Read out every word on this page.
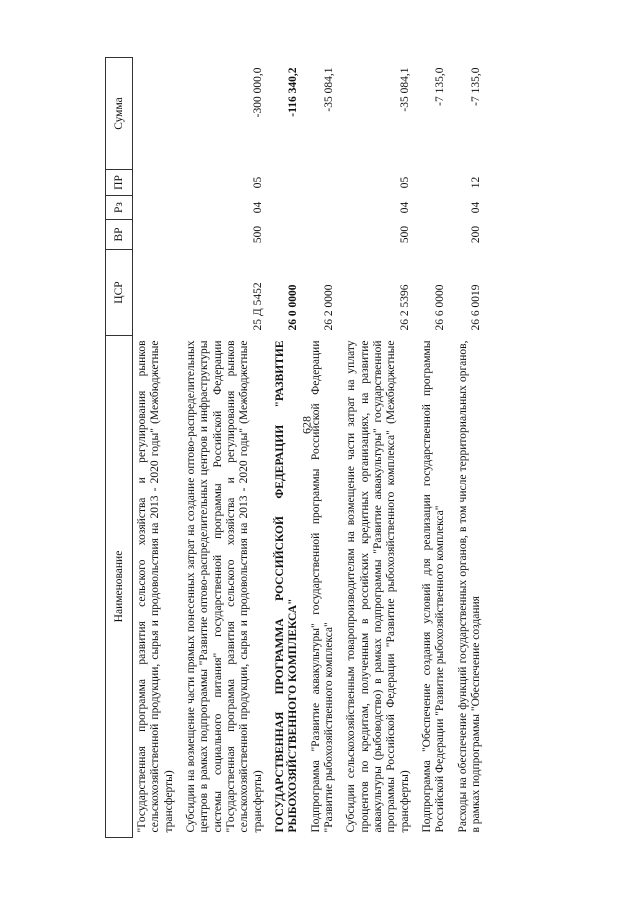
628
Наименование	ЦСР	ВР	Рз	ПР	Сумма
"Государственная программа развития сельского хозяйства и регулирования рынков сельскохозяйственной продукции, сырья и продовольствия на 2013 - 2020 годы" (Межбюджетные трансферты)					
Субсидии на возмещение части прямых понесенных затрат на создание оптово-распределительных центров в рамках подпрограммы "Развитие оптово-распределительных центров и инфраструктуры системы социального питания" государственной программы Российской Федерации "Государственная программа развития сельского хозяйства и регулирования рынков сельскохозяйственной продукции, сырья и продовольствия на 2013 - 2020 годы" (Межбюджетные трансферты)	25 Д 5452	500	04	05	-300 000,0
ГОСУДАРСТВЕННАЯ ПРОГРАММА РОССИЙСКОЙ ФЕДЕРАЦИИ "РАЗВИТИЕ РЫБОХОЗЯЙСТВЕННОГО КОМПЛЕКСА"	26 0 0000				-116 340,2
Подпрограмма "Развитие аквакультуры" государственной программы Российской Федерации "Развитие рыбохозяйственного комплекса"	26 2 0000				-35 084,1
Субсидии сельскохозяйственным товаропроизводителям на возмещение части затрат на уплату процентов по кредитам, полученным в российских кредитных организациях, на развитие аквакультуры (рыбоводство) в рамках подпрограммы "Развитие аквакультуры" государственной программы Российской Федерации "Развитие рыбохозяйственного комплекса" (Межбюджетные трансферты)	26 2 5396	500	04	05	-35 084,1
Подпрограмма "Обеспечение создания условий для реализации государственной программы Российской Федерации "Развитие рыбохозяйственного комплекса"	26 6 0000				-7 135,0
Расходы на обеспечение функций государственных органов, в том числе территориальных органов, в рамках подпрограммы "Обеспечение создания	26 6 0019	200	04	12	-7 135,0
